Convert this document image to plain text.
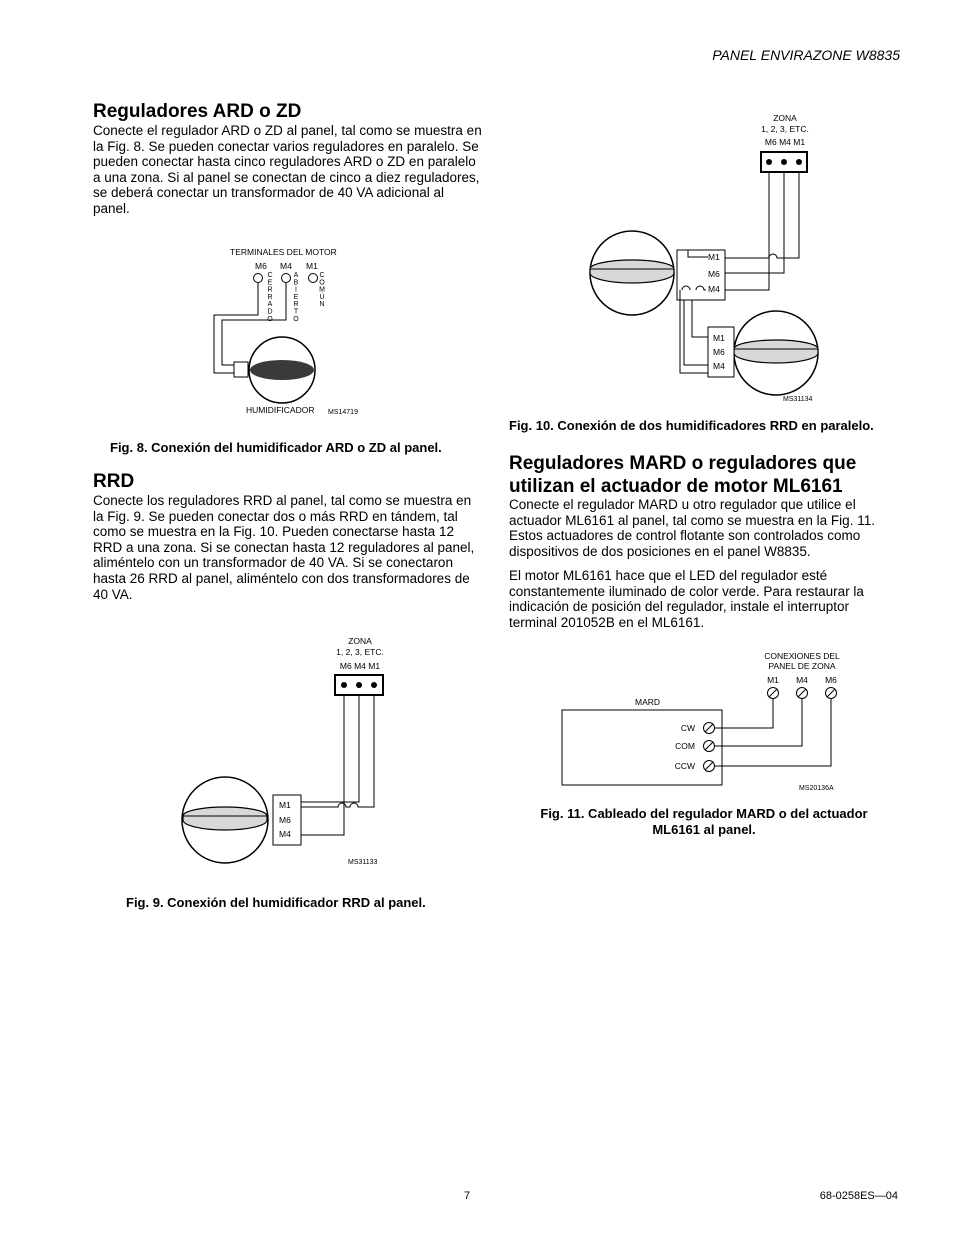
PANEL ENVIRAZONE W8835
Reguladores ARD o ZD

Conecte el regulador ARD o ZD al panel, tal como se muestra en la Fig. 8. Se pueden conectar varios reguladores en paralelo. Se pueden conectar hasta cinco reguladores ARD o ZD en paralelo a una zona. Si al panel se conectan de cinco a diez reguladores, se deberá conectar un transformador de 40 VA adicional al panel.

TERMINALES DEL MOTOR
M6 M4 M1
C E R R A D O
A B I E R T O
C O M Ú N
HUMIDIFICADOR MS14719
Fig. 8. Conexión del humidificador ARD o ZD al panel.
RRD

Conecte los reguladores RRD al panel, tal como se muestra en la Fig. 9. Se pueden conectar dos o más RRD en tándem, tal como se muestra en la Fig. 10. Pueden conectarse hasta 12 RRD a una zona. Si se conectan hasta 12 reguladores al panel, aliméntelo con un transformador de 40 VA. Si se conectaron hasta 26 RRD al panel, aliméntelo con dos transformadores de 40 VA.

ZONA
1, 2, 3, ETC.
M6 M4 M1
M1
M6
M4
MS31133
Fig. 9. Conexión del humidificador RRD al panel.
ZONA
1, 2, 3, ETC.
M6 M4 M1
M1
M6
M4
M1
M6
M4
MS31134
Fig. 10. Conexión de dos humidificadores RRD en paralelo.
Reguladores MARD o reguladores que utilizan el actuador de motor ML6161

Conecte el regulador MARD u otro regulador que utilice el actuador ML6161 al panel, tal como se muestra en la Fig. 11. Estos actuadores de control flotante son controlados como dispositivos de dos posiciones en el panel W8835.

El motor ML6161 hace que el LED del regulador esté constantemente iluminado de color verde. Para restaurar la indicación de posición del regulador, instale el interruptor terminal 201052B en el ML6161.

CONEXIONES DEL
PANEL DE ZONA
M1 M4 M6
MARD
CW
COM
CCW
MS20136A
Fig. 11. Cableado del regulador MARD o del actuador
ML6161 al panel.
7	68-0258ES—04
